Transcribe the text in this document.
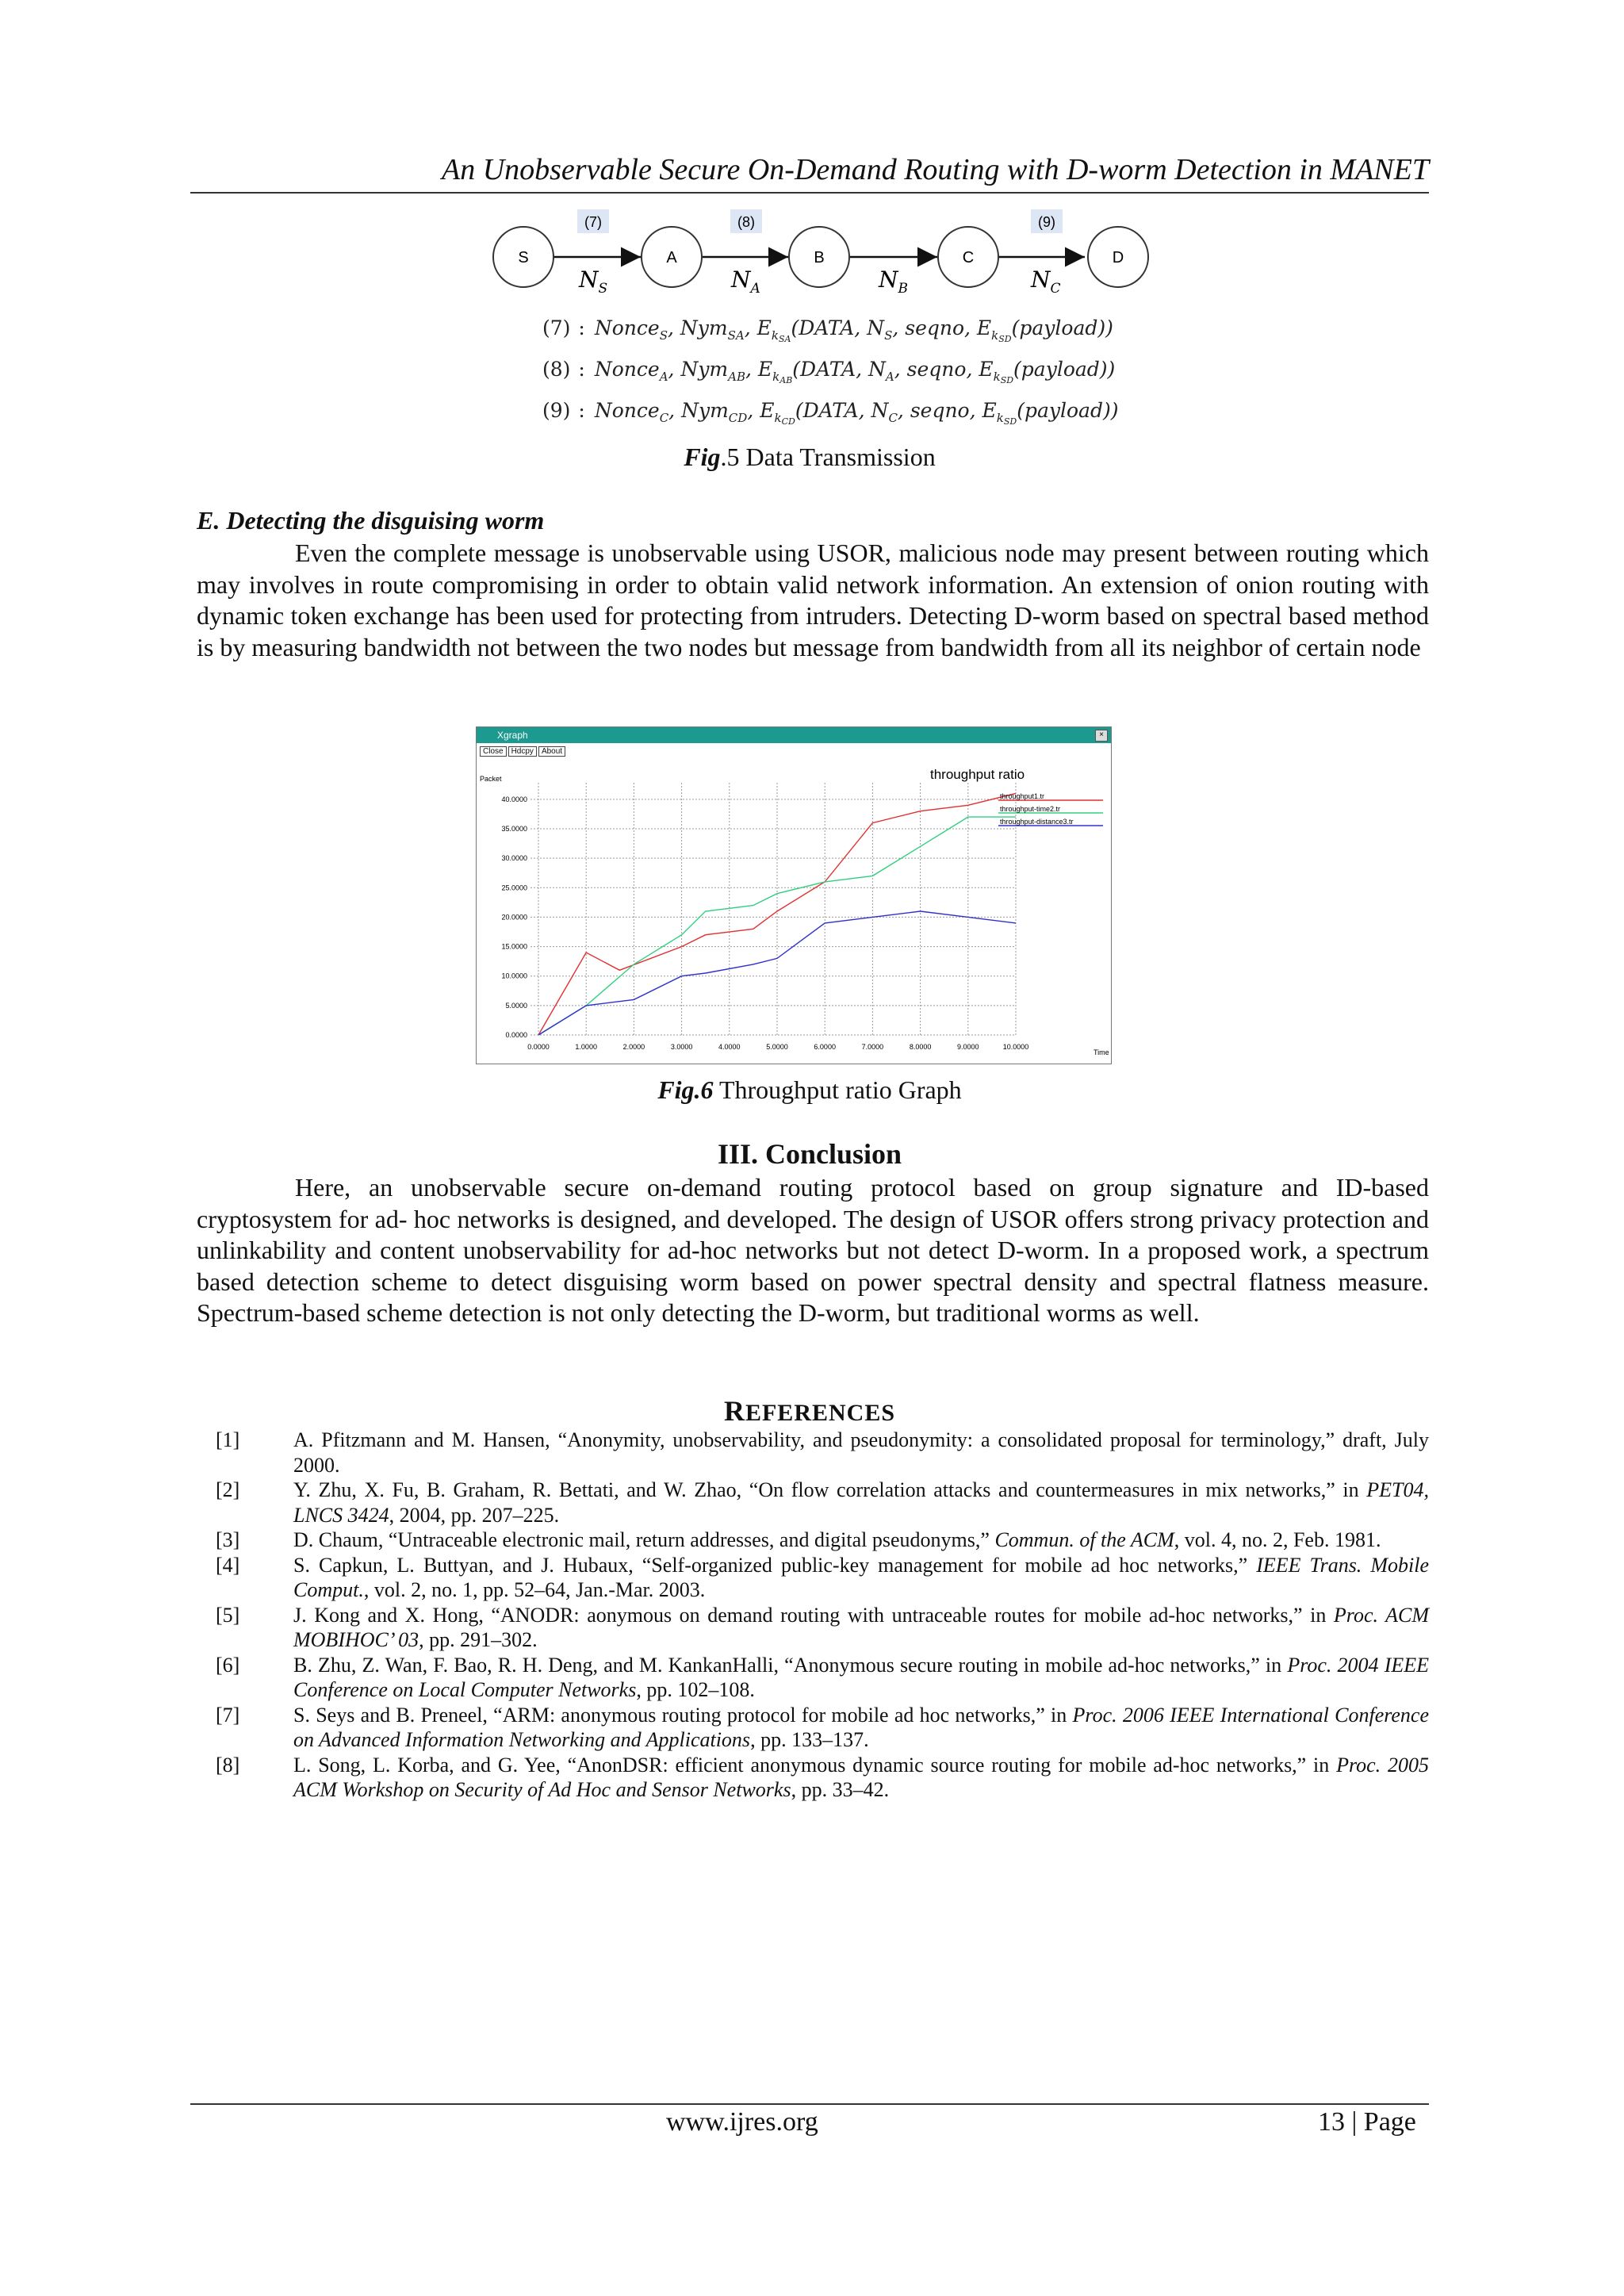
An Unobservable Secure On-Demand Routing with D-worm Detection in MANET
(7)	(8)	(9)
S	A	B	C	D
$N_S$	$N_A$	$N_B$	$N_C$
(7) : Nonce$_S$, Nym$_{SA}$, $E_kSA(DATA$, $N_S$, seqno, $E_kSD(payload)$)
(8) : Nonce$_A$, Nym$_{AB}$, $E_kAB(DATA$, $N_A$, seqno, $E_kSD(payload)$)
(9) : Nonce$_C$, Nym$_{CD}$, $E_kCD(DATA$, $N_C$, seqno, $E_kSD(payload)$)
Fig.5 Data Transmission
E. Detecting the disguising worm

Even the complete message is unobservable using USOR, malicious node may present between routing which may involves in route compromising in order to obtain valid network information. An extension of onion routing with dynamic token exchange has been used for protecting from intruders. Detecting D-worm based on spectral based method is by measuring bandwidth not between the two nodes but message from bandwidth from all its neighbor of certain node

Xgraph	×
Close Hdcpy About
throughput ratio
Packet
Time
0.0000	1.0000	2.0000	3.0000	4.0000	5.0000	6.0000	7.0000	8.0000	9.0000	10.0000
0.0000
5.0000
10.0000
15.0000
20.0000
25.0000
30.0000
35.0000
40.0000	throughput1.tr
throughput-time2.tr
throughput-distance3.tr
Fig.6 Throughput ratio Graph
III. Conclusion

Here, an unobservable secure on-demand routing protocol based on group signature and ID-based cryptosystem for ad- hoc networks is designed, and developed. The design of USOR offers strong privacy protection and unlinkability and content unobservability for ad-hoc networks but not detect D-worm. In a proposed work, a spectrum based detection scheme to detect disguising worm based on power spectral density and spectral flatness measure. Spectrum-based scheme detection is not only detecting the D-worm, but traditional worms as well.

REFERENCES
[1]	A. Pfitzmann and M. Hansen, “Anonymity, unobservability, and pseudonymity: a consolidated proposal for terminology,” draft, July 2000.
[2]	Y. Zhu, X. Fu, B. Graham, R. Bettati, and W. Zhao, “On flow correlation attacks and countermeasures in mix networks,” in PET04, LNCS 3424, 2004, pp. 207–225.
[3]	D. Chaum, “Untraceable electronic mail, return addresses, and digital pseudonyms,” Commun. of the ACM, vol. 4, no. 2, Feb. 1981.
[4]	S. Capkun, L. Buttyan, and J. Hubaux, “Self-organized public-key management for mobile ad hoc networks,” IEEE Trans. Mobile Comput., vol. 2, no. 1, pp. 52–64, Jan.-Mar. 2003.
[5]	J. Kong and X. Hong, “ANODR: aonymous on demand routing with untraceable routes for mobile ad-hoc networks,” in Proc. ACM MOBIHOC’ 03, pp. 291–302.
[6]	B. Zhu, Z. Wan, F. Bao, R. H. Deng, and M. KankanHalli, “Anonymous secure routing in mobile ad-hoc networks,” in Proc. 2004 IEEE Conference on Local Computer Networks, pp. 102–108.
[7]	S. Seys and B. Preneel, “ARM: anonymous routing protocol for mobile ad hoc networks,” in Proc. 2006 IEEE International Conference on Advanced Information Networking and Applications, pp. 133–137.
[8]	L. Song, L. Korba, and G. Yee, “AnonDSR: efficient anonymous dynamic source routing for mobile ad-hoc networks,” in Proc. 2005 ACM Workshop on Security of Ad Hoc and Sensor Networks, pp. 33–42.
www.ijres.org	13 | Page
